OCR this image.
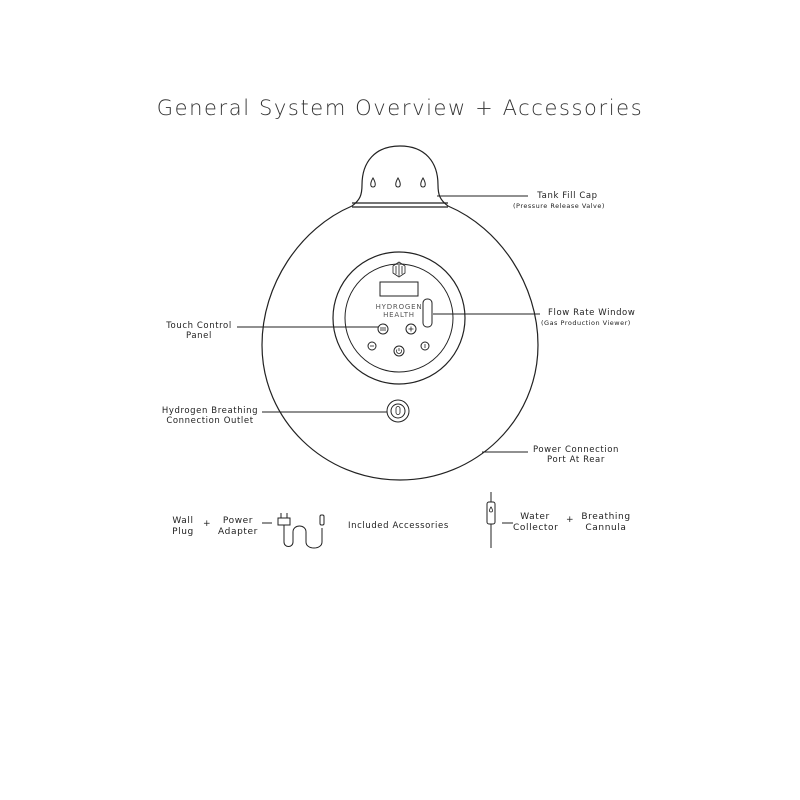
General System Overview + Accessories
Tank Fill Cap
(Pressure Release Valve)
Flow Rate Window
(Gas Production Viewer)
Touch Control
Panel
Hydrogen Breathing
Connection Outlet
Power Connection
Port At Rear
HYDROGEN
HEALTH
Wall
Plug
+	Power
Adapter
Included Accessories
Water
Collector
+ Breathing
Cannula
